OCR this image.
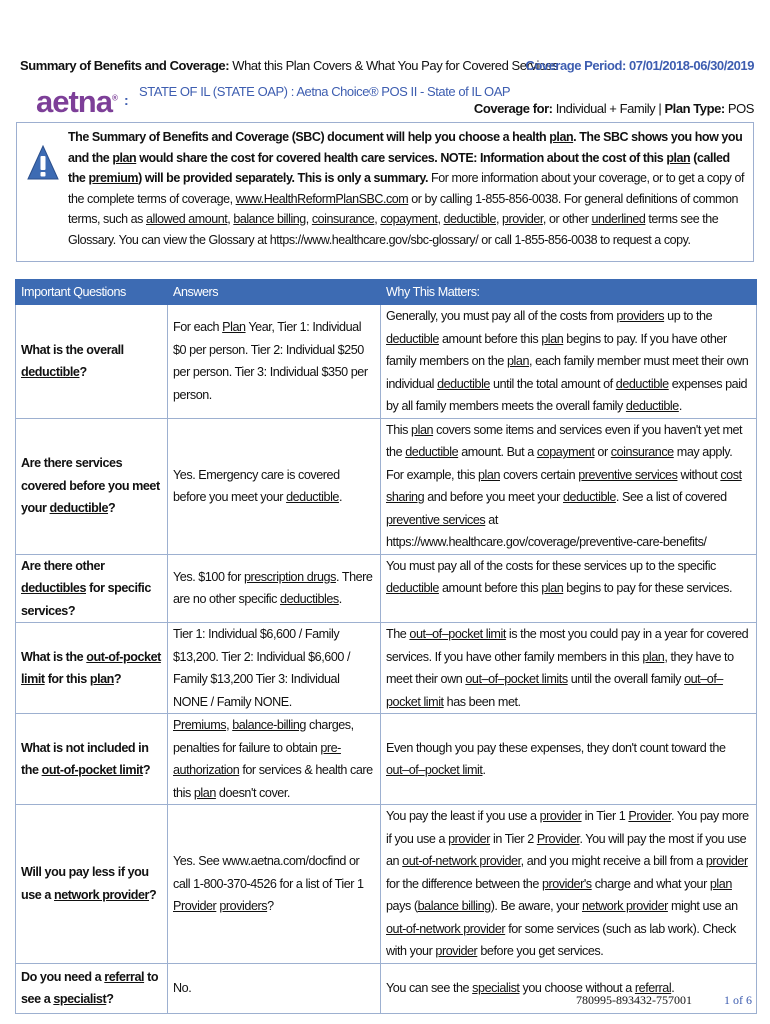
Summary of Benefits and Coverage: What this Plan Covers & What You Pay for Covered Services
Coverage Period: 07/01/2018-06/30/2019
aetna® :
STATE OF IL (STATE OAP) : Aetna Choice® POS II - State of IL OAP
Coverage for: Individual + Family | Plan Type: POS
The Summary of Benefits and Coverage (SBC) document will help you choose a health plan. The SBC shows you how you and the plan would share the cost for covered health care services. NOTE: Information about the cost of this plan (called the premium) will be provided separately. This is only a summary. For more information about your coverage, or to get a copy of the complete terms of coverage, www.HealthReformPlanSBC.com or by calling 1-855-856-0038. For general definitions of common terms, such as allowed amount, balance billing, coinsurance, copayment, deductible, provider, or other underlined terms see the Glossary. You can view the Glossary at https://www.healthcare.gov/sbc-glossary/ or call 1-855-856-0038 to request a copy.
Important Questions	Answers	Why This Matters:
What is the overall deductible?	For each Plan Year, Tier 1: Individual $0 per person. Tier 2: Individual $250 per person. Tier 3: Individual $350 per person.	Generally, you must pay all of the costs from providers up to the deductible amount before this plan begins to pay. If you have other family members on the plan, each family member must meet their own individual deductible until the total amount of deductible expenses paid by all family members meets the overall family deductible.
Are there services covered before you meet your deductible?	Yes. Emergency care is covered before you meet your deductible.	This plan covers some items and services even if you haven't yet met the deductible amount. But a copayment or coinsurance may apply. For example, this plan covers certain preventive services without cost sharing and before you meet your deductible. See a list of covered preventive services at https://www.healthcare.gov/coverage/preventive-care-benefits/
Are there other deductibles for specific services?	Yes. $100 for prescription drugs. There are no other specific deductibles.	You must pay all of the costs for these services up to the specific deductible amount before this plan begins to pay for these services.
What is the out-of-pocket limit for this plan?	Tier 1: Individual $6,600 / Family $13,200. Tier 2: Individual $6,600 / Family $13,200 Tier 3: Individual NONE / Family NONE.	The out–of–pocket limit is the most you could pay in a year for covered services. If you have other family members in this plan, they have to meet their own out–of–pocket limits until the overall family out–of–pocket limit has been met.
What is not included in the out-of-pocket limit?	Premiums, balance-billing charges, penalties for failure to obtain pre-authorization for services & health care this plan doesn't cover.	Even though you pay these expenses, they don't count toward the out–of–pocket limit.
Will you pay less if you use a network provider?	Yes. See www.aetna.com/docfind or call 1-800-370-4526 for a list of Tier 1 Provider providers?	You pay the least if you use a provider in Tier 1 Provider. You pay more if you use a provider in Tier 2 Provider. You will pay the most if you use an out-of-network provider, and you might receive a bill from a provider for the difference between the provider's charge and what your plan pays (balance billing). Be aware, your network provider might use an out-of-network provider for some services (such as lab work). Check with your provider before you get services.
Do you need a referral to see a specialist?	No.	You can see the specialist you choose without a referral.
780995-893432-757001	1 of 6
